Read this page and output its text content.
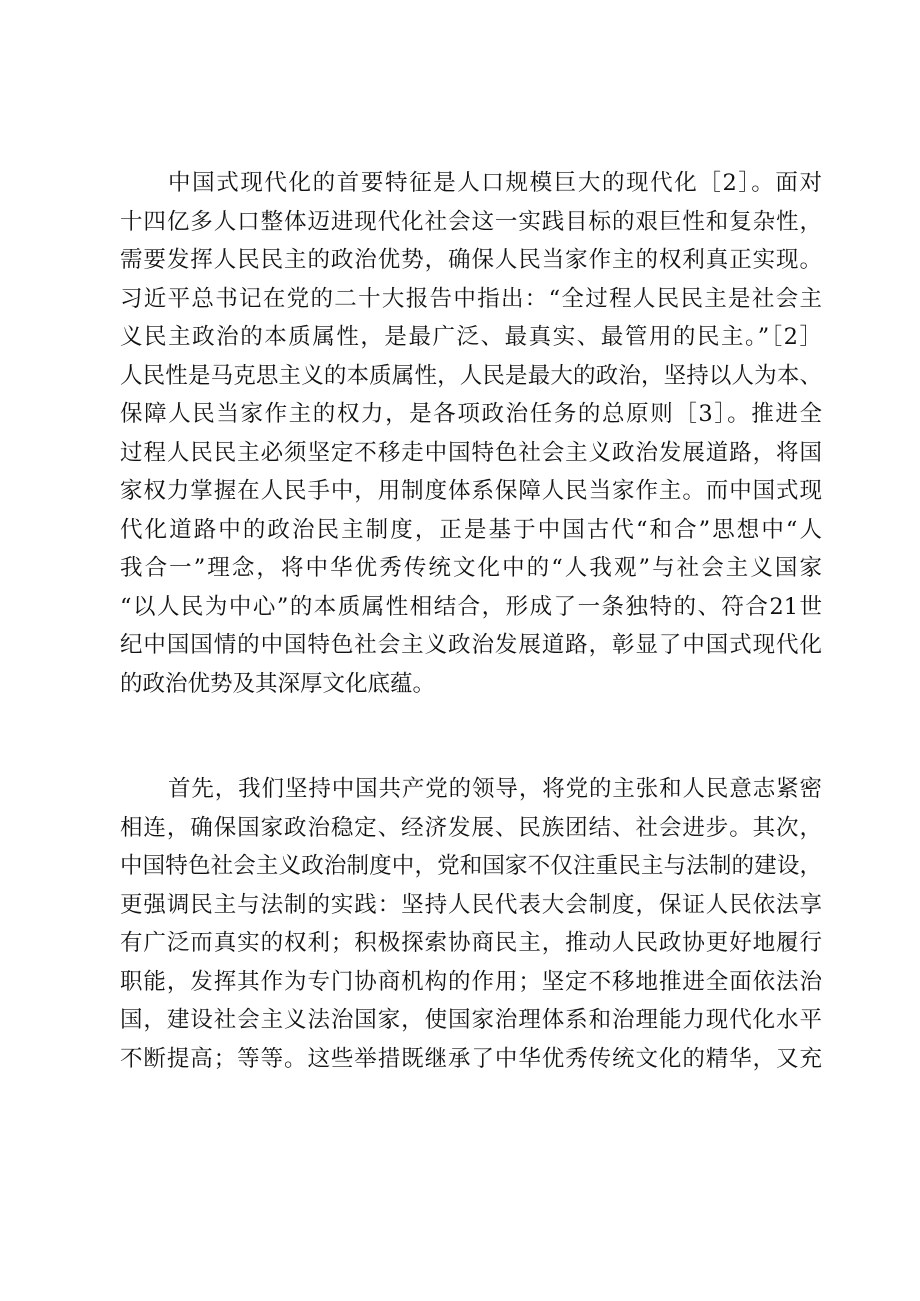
中国式现代化的首要特征是人口规模巨大的现代化［2］。面对
十四亿多人口整体迈进现代化社会这一实践目标的艰巨性和复杂性，
需要发挥人民民主的政治优势，确保人民当家作主的权利真正实现。
习近平总书记在党的二十大报告中指出：“全过程人民民主是社会主
义民主政治的本质属性，是最广泛、最真实、最管用的民主。”［2］
人民性是马克思主义的本质属性，人民是最大的政治，坚持以人为本、
保障人民当家作主的权力，是各项政治任务的总原则［3］。推进全
过程人民民主必须坚定不移走中国特色社会主义政治发展道路，将国
家权力掌握在人民手中，用制度体系保障人民当家作主。而中国式现
代化道路中的政治民主制度，正是基于中国古代“和合”思想中“人
我合一”理念，将中华优秀传统文化中的“人我观”与社会主义国家
“以人民为中心”的本质属性相结合，形成了一条独特的、符合21世
纪中国国情的中国特色社会主义政治发展道路，彰显了中国式现代化
的政治优势及其深厚文化底蕴。
首先，我们坚持中国共产党的领导，将党的主张和人民意志紧密
相连，确保国家政治稳定、经济发展、民族团结、社会进步。其次，
中国特色社会主义政治制度中，党和国家不仅注重民主与法制的建设，
更强调民主与法制的实践：坚持人民代表大会制度，保证人民依法享
有广泛而真实的权利；积极探索协商民主，推动人民政协更好地履行
职能，发挥其作为专门协商机构的作用；坚定不移地推进全面依法治
国，建设社会主义法治国家，使国家治理体系和治理能力现代化水平
不断提高；等等。这些举措既继承了中华优秀传统文化的精华，又充
